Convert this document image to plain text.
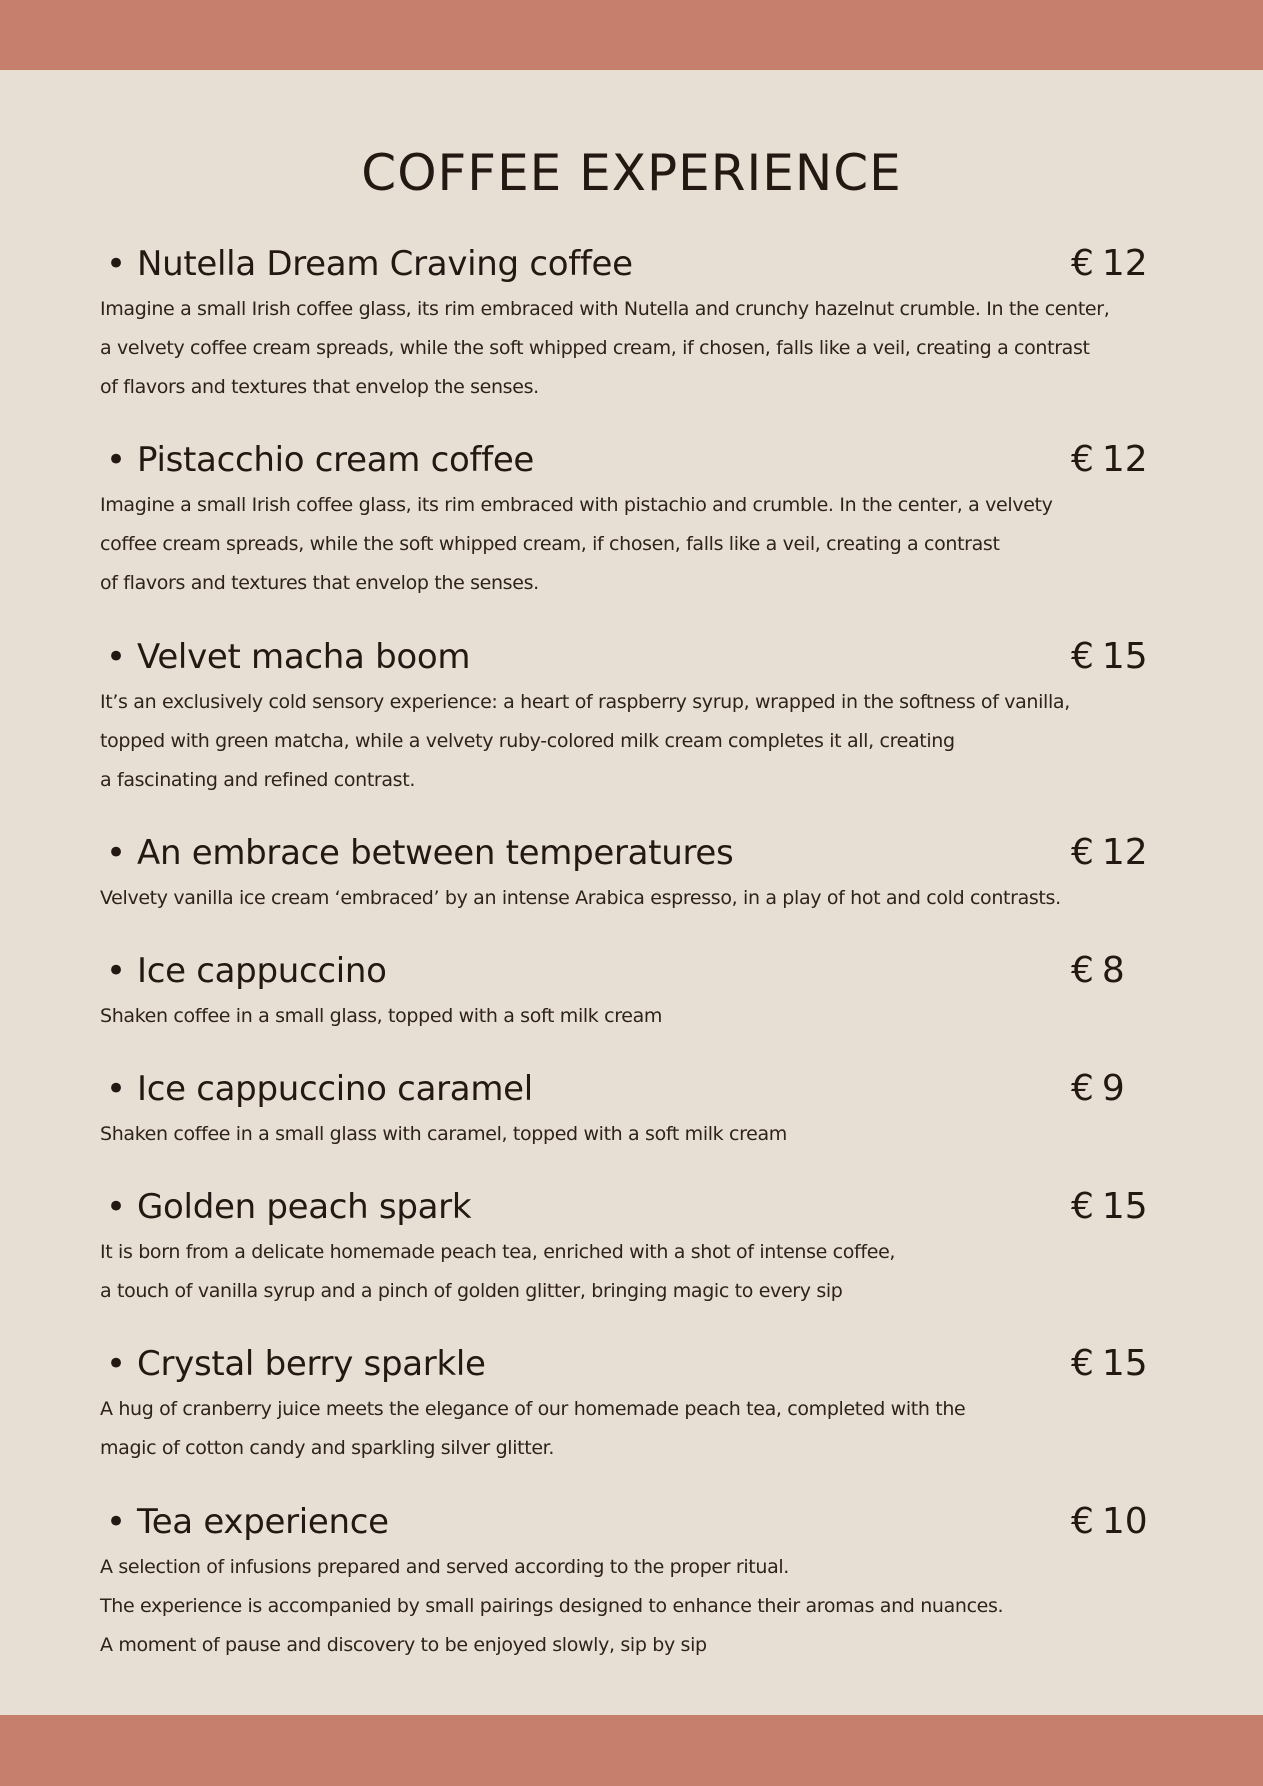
COFFEE EXPERIENCE
• Nutella Dream Craving coffee	€ 12
Imagine a small Irish coffee glass, its rim embraced with Nutella and crunchy hazelnut crumble. In the center,
a velvety coffee cream spreads, while the soft whipped cream, if chosen, falls like a veil, creating a contrast
of flavors and textures that envelop the senses.
• Pistacchio cream coffee	€ 12
Imagine a small Irish coffee glass, its rim embraced with pistachio and crumble. In the center, a velvety
coffee cream spreads, while the soft whipped cream, if chosen, falls like a veil, creating a contrast
of flavors and textures that envelop the senses.
• Velvet macha boom	€ 15
It’s an exclusively cold sensory experience: a heart of raspberry syrup, wrapped in the softness of vanilla,
topped with green matcha, while a velvety ruby-colored milk cream completes it all, creating
a fascinating and refined contrast.
• An embrace between temperatures	€ 12
Velvety vanilla ice cream ‘embraced’ by an intense Arabica espresso, in a play of hot and cold contrasts.
• Ice cappuccino	€ 8
Shaken coffee in a small glass, topped with a soft milk cream
• Ice cappuccino caramel	€ 9
Shaken coffee in a small glass with caramel, topped with a soft milk cream
• Golden peach spark	€ 15
It is born from a delicate homemade peach tea, enriched with a shot of intense coffee,
a touch of vanilla syrup and a pinch of golden glitter, bringing magic to every sip
• Crystal berry sparkle	€ 15
A hug of cranberry juice meets the elegance of our homemade peach tea, completed with the
magic of cotton candy and sparkling silver glitter.
• Tea experience	€ 10
A selection of infusions prepared and served according to the proper ritual.
The experience is accompanied by small pairings designed to enhance their aromas and nuances.
A moment of pause and discovery to be enjoyed slowly, sip by sip
